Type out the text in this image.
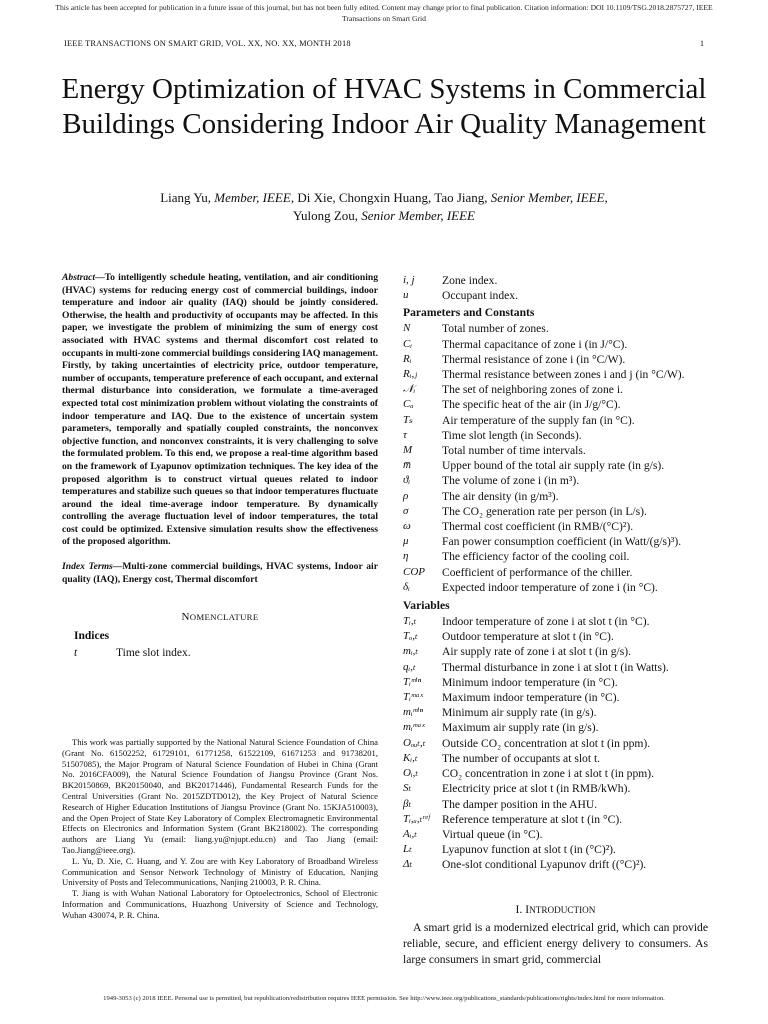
This article has been accepted for publication in a future issue of this journal, but has not been fully edited. Content may change prior to final publication. Citation information: DOI 10.1109/TSG.2018.2875727, IEEE
Transactions on Smart Grid
IEEE TRANSACTIONS ON SMART GRID, VOL. XX, NO. XX, MONTH 2018	1
Energy Optimization of HVAC Systems in Commercial Buildings Considering Indoor Air Quality Management
Liang Yu, Member, IEEE, Di Xie, Chongxin Huang, Tao Jiang, Senior Member, IEEE,
Yulong Zou, Senior Member, IEEE

Abstract—To intelligently schedule heating, ventilation, and air conditioning (HVAC) systems for reducing energy cost of commercial buildings, indoor temperature and indoor air quality (IAQ) should be jointly considered. Otherwise, the health and productivity of occupants may be affected. In this paper, we investigate the problem of minimizing the sum of energy cost associated with HVAC systems and thermal discomfort cost related to occupants in multi-zone commercial buildings considering IAQ management. Firstly, by taking uncertainties of electricity price, outdoor temperature, number of occupants, temperature preference of each occupant, and external thermal disturbance into consideration, we formulate a time-averaged expected total cost minimization problem without violating the constraints of indoor temperature and IAQ. Due to the existence of uncertain system parameters, temporally and spatially coupled constraints, the nonconvex objective function, and nonconvex constraints, it is very challenging to solve the formulated problem. To this end, we propose a real-time algorithm based on the framework of Lyapunov optimization techniques. The key idea of the proposed algorithm is to construct virtual queues related to indoor temperatures and stabilize such queues so that indoor temperatures fluctuate around the ideal time-average indoor temperature. By dynamically controlling the average fluctuation level of indoor temperatures, the total cost could be optimized. Extensive simulation results show the effectiveness of the proposed algorithm.

Index Terms—Multi-zone commercial buildings, HVAC systems, Indoor air quality (IAQ), Energy cost, Thermal discomfort

NOMENCLATURE
Indices
t	Time slot index.

This work was partially supported by the National Natural Science Foundation of China (Grant No. 61502252, 61729101, 61771258, 61522109, 61671253 and 91738201, 51507085), the Major Program of Natural Science Foundation of Hubei in China (Grant No. 2016CFA009), the Natural Science Foundation of Jiangsu Province (Grant Nos. BK20150869, BK20150040, and BK20171446), Fundamental Research Funds for the Central Universities (Grant No. 2015ZDTD012), the Key Project of Natural Science Research of Higher Education Institutions of Jiangsu Province (Grant No. 15KJA510003), and the Open Project of State Key Laboratory of Complex Electromagnetic Environmental Effects on Electronics and Information System (Grant BK218002). The corresponding authors are Liang Yu (email: liang.yu@njupt.edu.cn) and Tao Jiang (email: Tao.Jiang@ieee.org).

L. Yu, D. Xie, C. Huang, and Y. Zou are with Key Laboratory of Broadband Wireless Communication and Sensor Network Technology of Ministry of Education, Nanjing University of Posts and Telecommunications, Nanjing 210003, P. R. China.

T. Jiang is with Wuhan National Laboratory for Optoelectronics, School of Electronic Information and Communications, Huazhong University of Science and Technology, Wuhan 430074, P. R. China.

i, j	Zone index.
u	Occupant index.
Parameters and Constants
N	Total number of zones.
Cᵢ	Thermal capacitance of zone i (in J/°C).
Rᵢ	Thermal resistance of zone i (in °C/W).
Rᵢ,ⱼ	Thermal resistance between zones i and j (in °C/W).
𝒩ᵢ	The set of neighboring zones of zone i.
Cₐ	The specific heat of the air (in J/g/°C).
Tₛ	Air temperature of the supply fan (in °C).
τ	Time slot length (in Seconds).
M	Total number of time intervals.
m̅	Upper bound of the total air supply rate (in g/s).
ϑᵢ	The volume of zone i (in m³).
ρ	The air density (in g/m³).
σ	The CO₂ generation rate per person (in L/s).
ω	Thermal cost coefficient (in RMB/(°C)²).
μ	Fan power consumption coefficient (in Watt/(g/s)³).
η	The efficiency factor of the cooling coil.
COP	Coefficient of performance of the chiller.
δᵢ	Expected indoor temperature of zone i (in °C).
Variables
Tᵢ,ₜ	Indoor temperature of zone i at slot t (in °C).
Tₒ,ₜ	Outdoor temperature at slot t (in °C).
mᵢ,ₜ	Air supply rate of zone i at slot t (in g/s).
qᵢ,ₜ	Thermal disturbance in zone i at slot t (in Watts).
Tᵢᵐⁱⁿ	Minimum indoor temperature (in °C).
Tᵢᵐᵃˣ	Maximum indoor temperature (in °C).
mᵢᵐⁱⁿ	Minimum air supply rate (in g/s).
mᵢᵐᵃˣ	Maximum air supply rate (in g/s).
Oₒᵤₜ,ₜ	Outside CO₂ concentration at slot t (in ppm).
Kᵢ,ₜ	The number of occupants at slot t.
Oᵢ,ₜ	CO₂ concentration in zone i at slot t (in ppm).
Sₜ	Electricity price at slot t (in RMB/kWh).
βₜ	The damper position in the AHU.
Tᵢ,ᵤ,ₜʳᵉᶠ	Reference temperature at slot t (in °C).
Aᵢ,ₜ	Virtual queue (in °C).
Lₜ	Lyapunov function at slot t (in (°C)²).
Δₜ	One-slot conditional Lyapunov drift ((°C)²).
I. INTRODUCTION

A smart grid is a modernized electrical grid, which can provide reliable, secure, and efficient energy delivery to consumers. As large consumers in smart grid, commercial

1949-3053 (c) 2018 IEEE. Personal use is permitted, but republication/redistribution requires IEEE permission. See http://www.ieee.org/publications_standards/publications/rights/index.html for more information.
